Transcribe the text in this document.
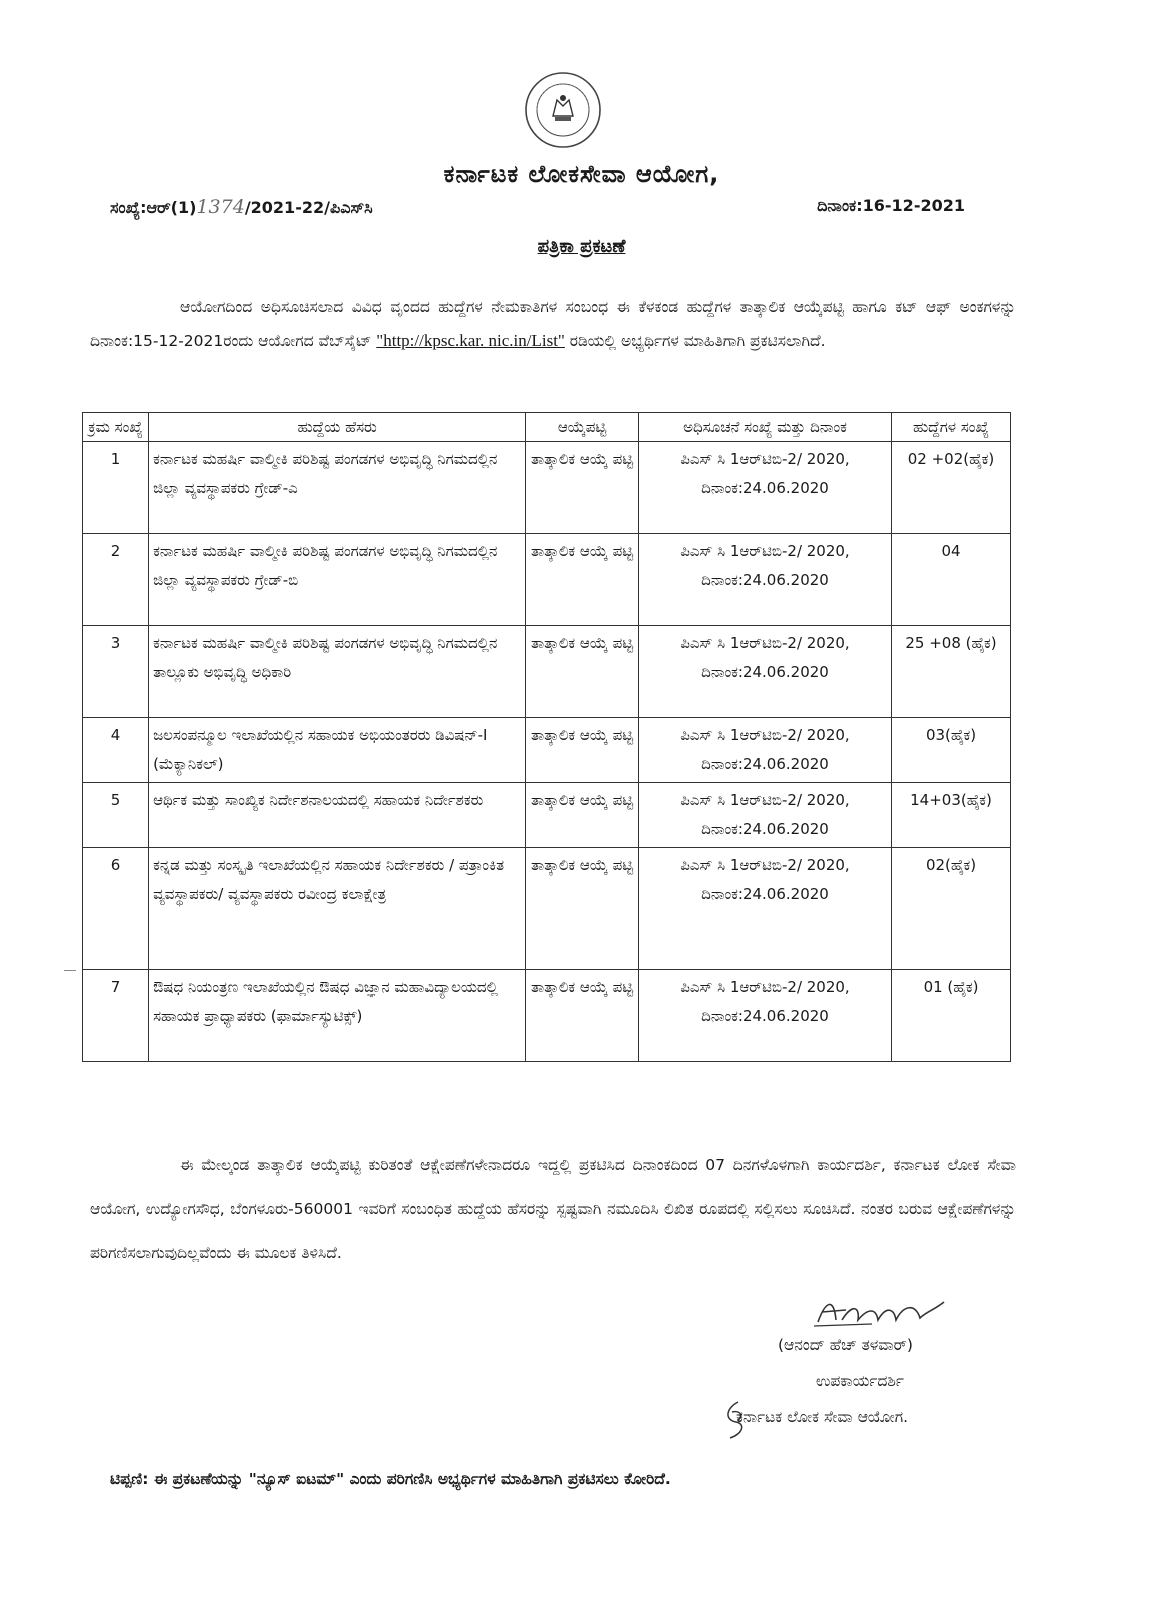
ಕರ್ನಾಟಕ ಲೋಕಸೇವಾ ಆಯೋಗ,
ಸಂಖ್ಯೆ:ಆರ್(1)1374/2021-22/ಪಿಎಸ್‌ಸಿ	ದಿನಾಂಕ:16-12-2021
ಪತ್ರಿಕಾ ಪ್ರಕಟಣೆ
ಆಯೋಗದಿಂದ ಅಧಿಸೂಚಿಸಲಾದ ವಿವಿಧ ವೃಂದದ ಹುದ್ದೆಗಳ ನೇಮಕಾತಿಗಳ ಸಂಬಂಧ ಈ ಕೆಳಕಂಡ ಹುದ್ದೆಗಳ ತಾತ್ಕಾಲಿಕ ಆಯ್ಕೆಪಟ್ಟಿ ಹಾಗೂ ಕಟ್ ಆಫ್ ಅಂಕಗಳನ್ನು ದಿನಾಂಕ:15-12-2021ರಂದು ಆಯೋಗದ ವೆಬ್‌ಸೈಟ್ "http://kpsc.kar. nic.in/List" ರಡಿಯಲ್ಲಿ ಅಭ್ಯರ್ಥಿಗಳ ಮಾಹಿತಿಗಾಗಿ ಪ್ರಕಟಿಸಲಾಗಿದೆ.
ಕ್ರಮ ಸಂಖ್ಯೆ	ಹುದ್ದೆಯ ಹೆಸರು	ಆಯ್ಕೆಪಟ್ಟಿ	ಅಧಿಸೂಚನೆ ಸಂಖ್ಯೆ ಮತ್ತು ದಿನಾಂಕ	ಹುದ್ದೆಗಳ ಸಂಖ್ಯೆ
1	ಕರ್ನಾಟಕ ಮಹರ್ಷಿ ವಾಲ್ಮೀಕಿ ಪರಿಶಿಷ್ಟ ಪಂಗಡಗಳ ಅಭಿವೃದ್ಧಿ ನಿಗಮದಲ್ಲಿನ ಜಿಲ್ಲಾ ವ್ಯವಸ್ಥಾಪಕರು ಗ್ರೇಡ್-ಎ	ತಾತ್ಕಾಲಿಕ ಆಯ್ಕೆ ಪಟ್ಟಿ	ಪಿಎಸ್ ಸಿ 1ಆರ್‌ಟಿಬಿ-2/ 2020, ದಿನಾಂಕ:24.06.2020	02 +02(ಹೈಕ)
2	ಕರ್ನಾಟಕ ಮಹರ್ಷಿ ವಾಲ್ಮೀಕಿ ಪರಿಶಿಷ್ಟ ಪಂಗಡಗಳ ಅಭಿವೃದ್ಧಿ ನಿಗಮದಲ್ಲಿನ ಜಿಲ್ಲಾ ವ್ಯವಸ್ಥಾಪಕರು ಗ್ರೇಡ್-ಬಿ	ತಾತ್ಕಾಲಿಕ ಆಯ್ಕೆ ಪಟ್ಟಿ	ಪಿಎಸ್ ಸಿ 1ಆರ್‌ಟಿಬಿ-2/ 2020, ದಿನಾಂಕ:24.06.2020	04
3	ಕರ್ನಾಟಕ ಮಹರ್ಷಿ ವಾಲ್ಮೀಕಿ ಪರಿಶಿಷ್ಟ ಪಂಗಡಗಳ ಅಭಿವೃದ್ಧಿ ನಿಗಮದಲ್ಲಿನ ತಾಲ್ಲೂಕು ಅಭಿವೃದ್ಧಿ ಅಧಿಕಾರಿ	ತಾತ್ಕಾಲಿಕ ಆಯ್ಕೆ ಪಟ್ಟಿ	ಪಿಎಸ್ ಸಿ 1ಆರ್‌ಟಿಬಿ-2/ 2020, ದಿನಾಂಕ:24.06.2020	25 +08 (ಹೈಕ)
4	ಜಲಸಂಪನ್ಮೂಲ ಇಲಾಖೆಯಲ್ಲಿನ ಸಹಾಯಕ ಅಭಿಯಂತರರು ಡಿವಿಷನ್-I (ಮೆಕ್ಯಾನಿಕಲ್)	ತಾತ್ಕಾಲಿಕ ಆಯ್ಕೆ ಪಟ್ಟಿ	ಪಿಎಸ್ ಸಿ 1ಆರ್‌ಟಿಬಿ-2/ 2020, ದಿನಾಂಕ:24.06.2020	03(ಹೈಕ)
5	ಆರ್ಥಿಕ ಮತ್ತು ಸಾಂಖ್ಯಿಕ ನಿರ್ದೇಶನಾಲಯದಲ್ಲಿ ಸಹಾಯಕ ನಿರ್ದೇಶಕರು	ತಾತ್ಕಾಲಿಕ ಆಯ್ಕೆ ಪಟ್ಟಿ	ಪಿಎಸ್ ಸಿ 1ಆರ್‌ಟಿಬಿ-2/ 2020, ದಿನಾಂಕ:24.06.2020	14+03(ಹೈಕ)
6	ಕನ್ನಡ ಮತ್ತು ಸಂಸ್ಕೃತಿ ಇಲಾಖೆಯಲ್ಲಿನ ಸಹಾಯಕ ನಿರ್ದೇಶಕರು / ಪತ್ರಾಂಕಿತ ವ್ಯವಸ್ಥಾಪಕರು/ ವ್ಯವಸ್ಥಾಪಕರು ರವೀಂದ್ರ ಕಲಾಕ್ಷೇತ್ರ	ತಾತ್ಕಾಲಿಕ ಆಯ್ಕೆ ಪಟ್ಟಿ	ಪಿಎಸ್ ಸಿ 1ಆರ್‌ಟಿಬಿ-2/ 2020, ದಿನಾಂಕ:24.06.2020	02(ಹೈಕ)
7	ಔಷಧ ನಿಯಂತ್ರಣ ಇಲಾಖೆಯಲ್ಲಿನ ಔಷಧ ವಿಜ್ಞಾನ ಮಹಾವಿದ್ಯಾಲಯದಲ್ಲಿ ಸಹಾಯಕ ಪ್ರಾಧ್ಯಾಪಕರು (ಫಾರ್ಮಾಸ್ಯುಟಿಕ್ಸ್)	ತಾತ್ಕಾಲಿಕ ಆಯ್ಕೆ ಪಟ್ಟಿ	ಪಿಎಸ್ ಸಿ 1ಆರ್‌ಟಿಬಿ-2/ 2020, ದಿನಾಂಕ:24.06.2020	01 (ಹೈಕ)
ಈ ಮೇಲ್ಕಂಡ ತಾತ್ಕಾಲಿಕ ಆಯ್ಕೆಪಟ್ಟಿ ಕುರಿತಂತೆ ಆಕ್ಷೇಪಣೆಗಳೇನಾದರೂ ಇದ್ದಲ್ಲಿ ಪ್ರಕಟಿಸಿದ ದಿನಾಂಕದಿಂದ 07 ದಿನಗಳೊಳಗಾಗಿ ಕಾರ್ಯದರ್ಶಿ, ಕರ್ನಾಟಕ ಲೋಕ ಸೇವಾ ಆಯೋಗ, ಉದ್ಯೋಗಸೌಧ, ಬೆಂಗಳೂರು-560001 ಇವರಿಗೆ ಸಂಬಂಧಿತ ಹುದ್ದೆಯ ಹೆಸರನ್ನು ಸ್ಪಷ್ಟವಾಗಿ ನಮೂದಿಸಿ ಲಿಖಿತ ರೂಪದಲ್ಲಿ ಸಲ್ಲಿಸಲು ಸೂಚಿಸಿದೆ. ನಂತರ ಬರುವ ಆಕ್ಷೇಪಣೆಗಳನ್ನು ಪರಿಗಣಿಸಲಾಗುವುದಿಲ್ಲವೆಂದು ಈ ಮೂಲಕ ತಿಳಿಸಿದೆ.
(ಆನಂದ್ ಹೆಚ್ ತಳವಾರ್)
ಉಪಕಾರ್ಯದರ್ಶಿ
ಕರ್ನಾಟಕ ಲೋಕ ಸೇವಾ ಆಯೋಗ.
ಟಿಪ್ಪಣಿ: ಈ ಪ್ರಕಟಣೆಯನ್ನು "ನ್ಯೂಸ್ ಐಟಮ್" ಎಂದು ಪರಿಗಣಿಸಿ ಅಭ್ಯರ್ಥಿಗಳ ಮಾಹಿತಿಗಾಗಿ ಪ್ರಕಟಿಸಲು ಕೋರಿದೆ.
